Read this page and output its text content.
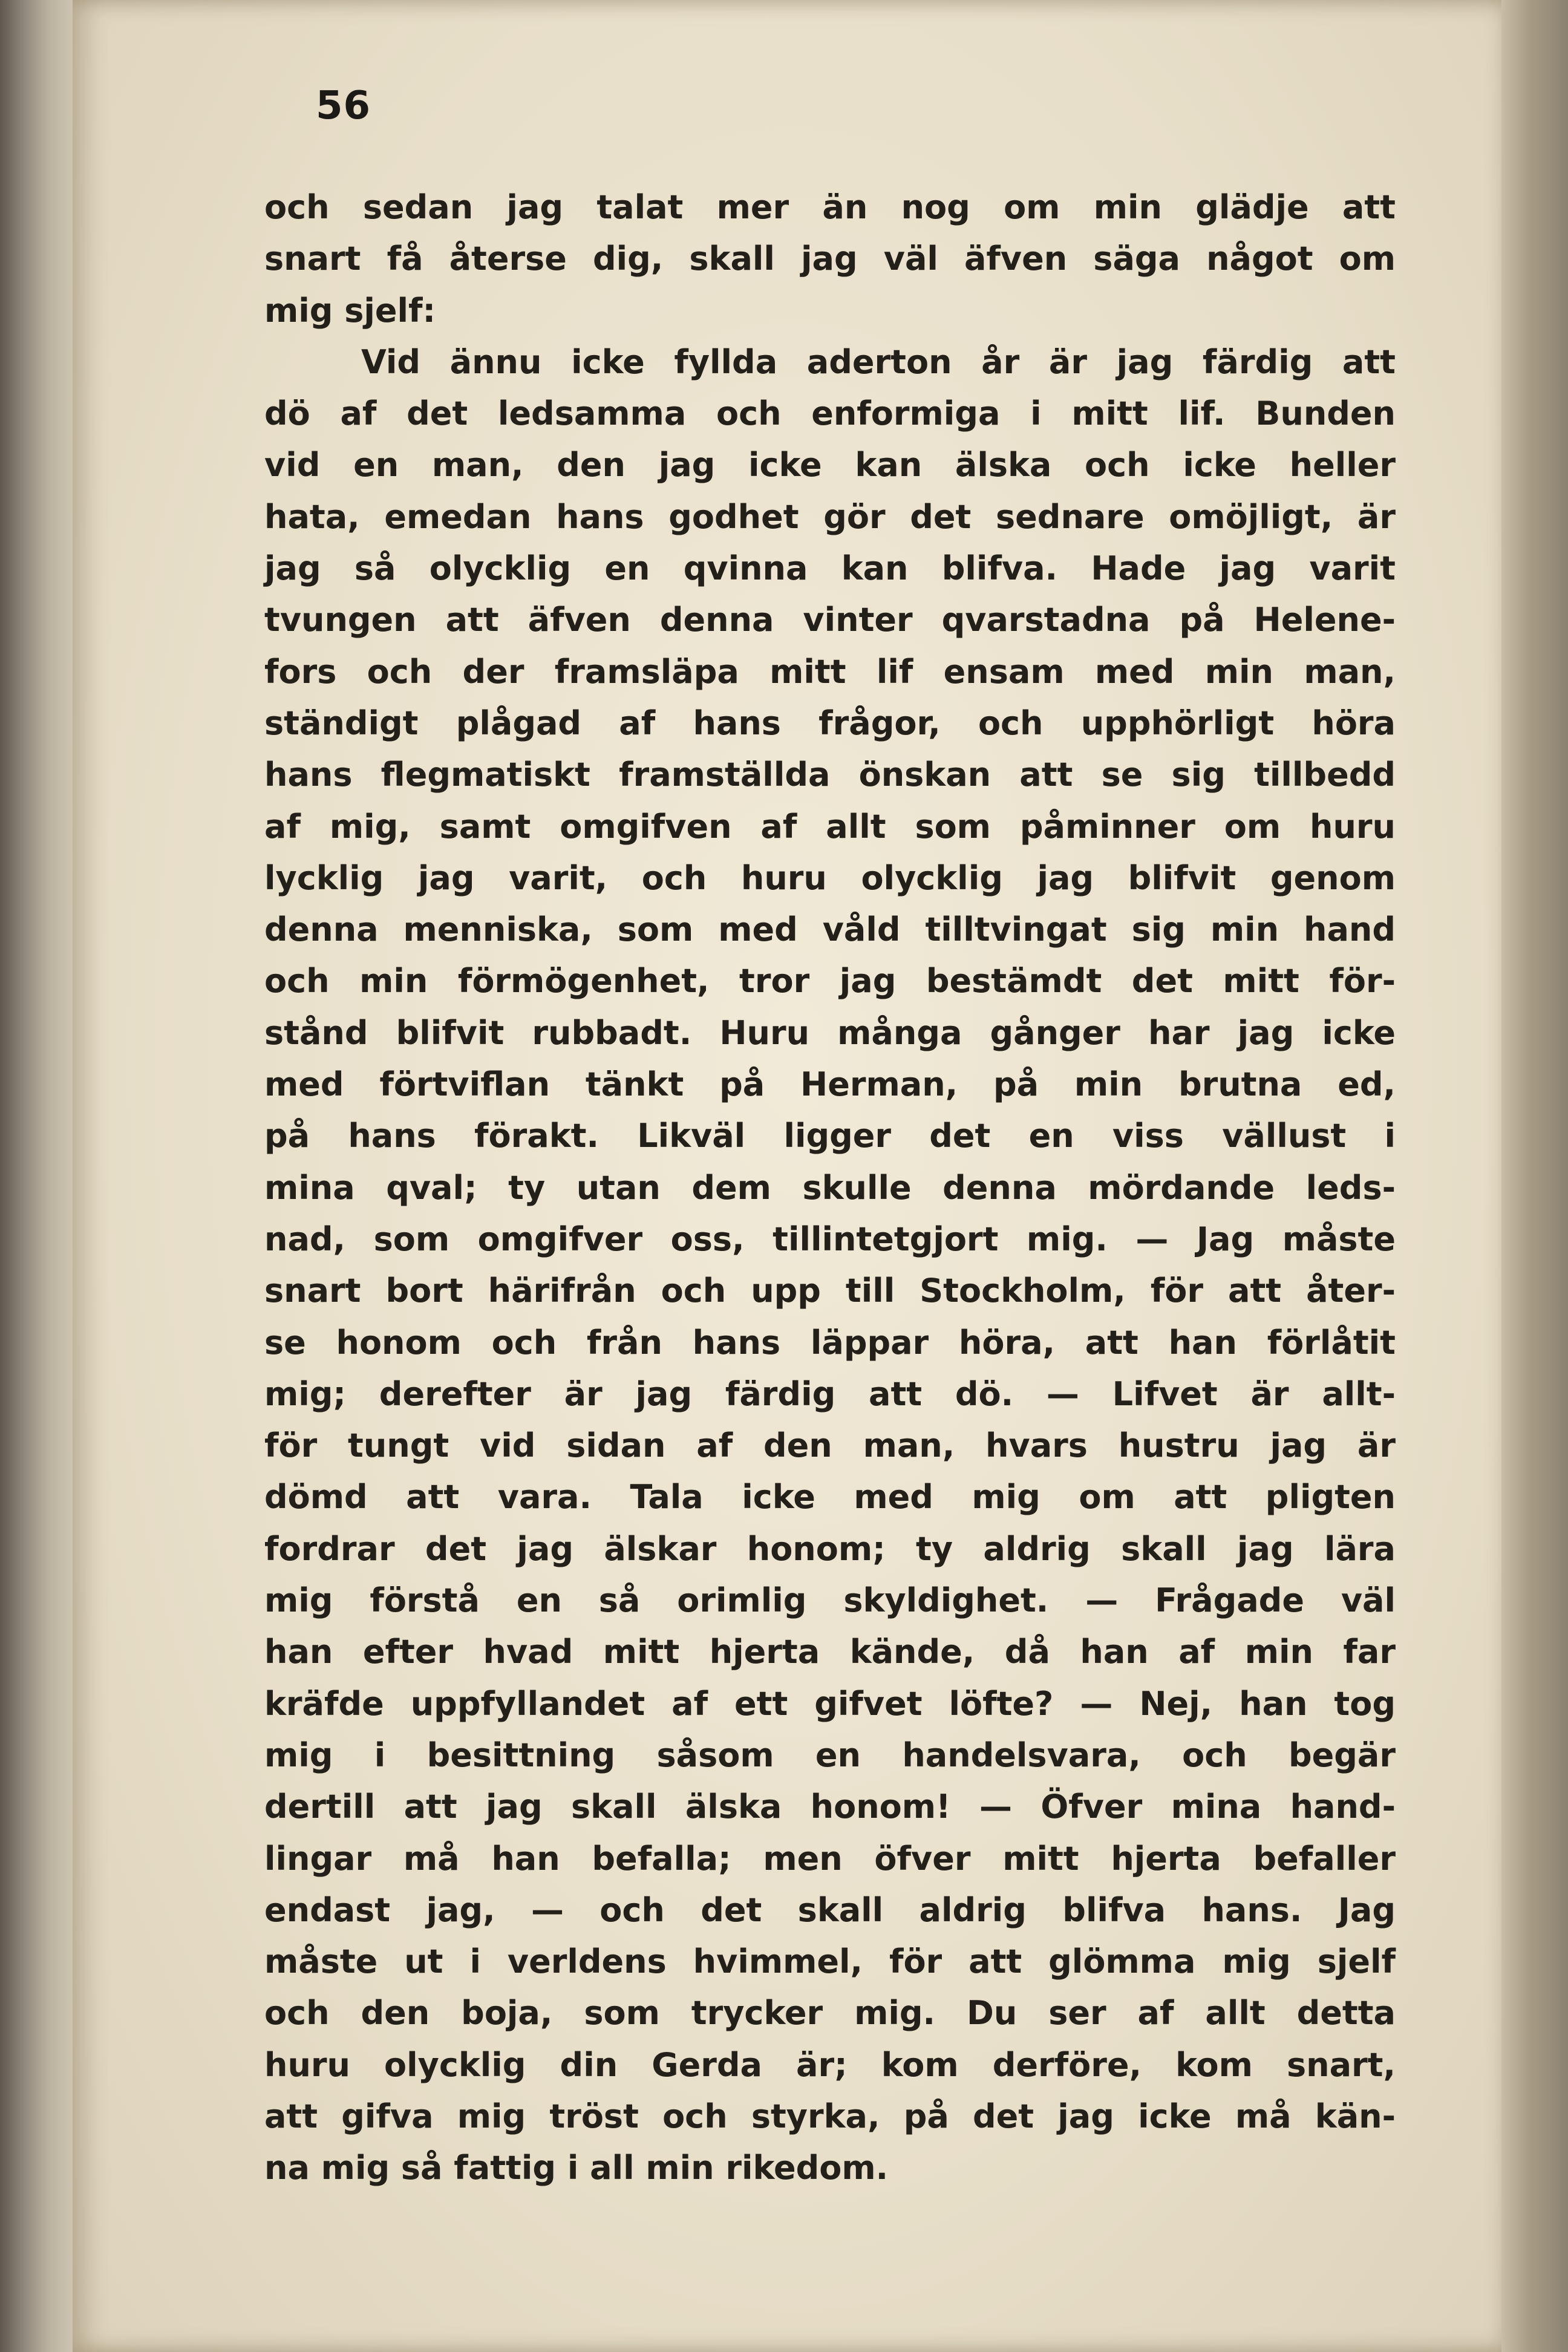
56
och sedan jag talat mer än nog om min glädje att
snart få återse dig, skall jag väl äfven säga något om
mig sjelf:
Vid ännu icke fyllda aderton år är jag färdig att
dö af det ledsamma och enformiga i mitt lif. Bunden
vid en man, den jag icke kan älska och icke heller
hata, emedan hans godhet gör det sednare omöjligt, är
jag så olycklig en qvinna kan blifva. Hade jag varit
tvungen att äfven denna vinter qvarstadna på Helene-
fors och der framsläpa mitt lif ensam med min man,
ständigt plågad af hans frågor, och upphörligt höra
hans flegmatiskt framställda önskan att se sig tillbedd
af mig, samt omgifven af allt som påminner om huru
lycklig jag varit, och huru olycklig jag blifvit genom
denna menniska, som med våld tilltvingat sig min hand
och min förmögenhet, tror jag bestämdt det mitt för-
stånd blifvit rubbadt. Huru många gånger har jag icke
med förtviflan tänkt på Herman, på min brutna ed,
på hans förakt. Likväl ligger det en viss vällust i
mina qval; ty utan dem skulle denna mördande leds-
nad, som omgifver oss, tillintetgjort mig. — Jag måste
snart bort härifrån och upp till Stockholm, för att åter-
se honom och från hans läppar höra, att han förlåtit
mig; derefter är jag färdig att dö. — Lifvet är allt-
för tungt vid sidan af den man, hvars hustru jag är
dömd att vara. Tala icke med mig om att pligten
fordrar det jag älskar honom; ty aldrig skall jag lära
mig förstå en så orimlig skyldighet. — Frågade väl
han efter hvad mitt hjerta kände, då han af min far
kräfde uppfyllandet af ett gifvet löfte? — Nej, han tog
mig i besittning såsom en handelsvara, och begär
dertill att jag skall älska honom! — Öfver mina hand-
lingar må han befalla; men öfver mitt hjerta befaller
endast jag, — och det skall aldrig blifva hans. Jag
måste ut i verldens hvimmel, för att glömma mig sjelf
och den boja, som trycker mig. Du ser af allt detta
huru olycklig din Gerda är; kom derföre, kom snart,
att gifva mig tröst och styrka, på det jag icke må kän-
na mig så fattig i all min rikedom.
